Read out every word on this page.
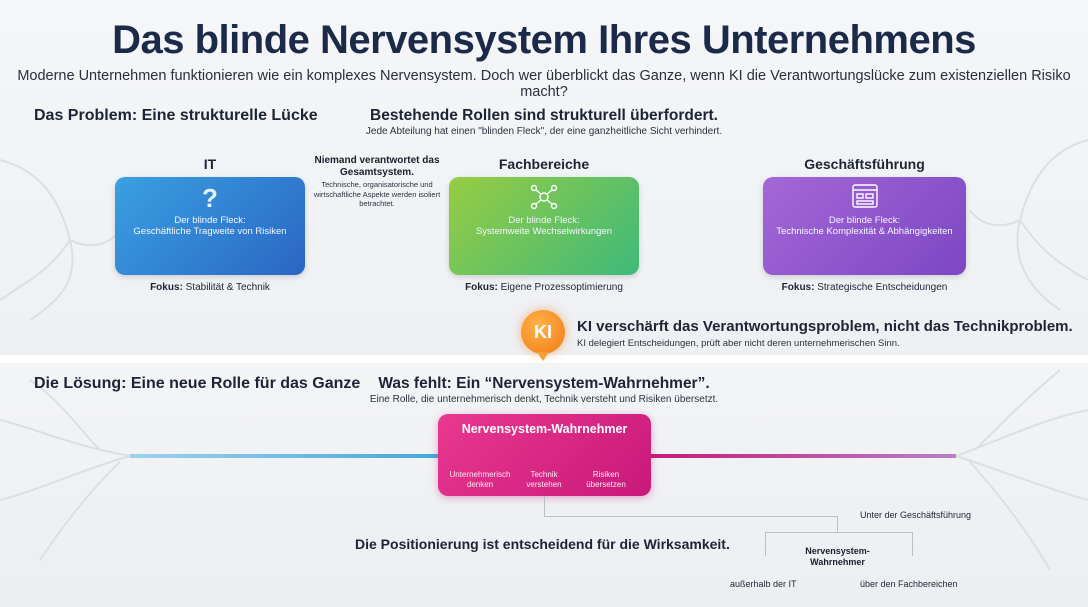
Das blinde Nervensystem Ihres Unternehmens
Moderne Unternehmen funktionieren wie ein komplexes Nervensystem. Doch wer überblickt das Ganze, wenn KI die Verantwortungslücke zum existenziellen Risiko macht?
Das Problem: Eine strukturelle Lücke	Bestehende Rollen sind strukturell überfordert.
Jede Abteilung hat einen "blinden Fleck", der eine ganzheitliche Sicht verhindert.
Niemand verantwortet das Gesamtsystem.
Technische, organisatorische und wirtschaftliche Aspekte werden isoliert betrachtet.
IT
?
Der blinde Fleck:
Geschäftliche Tragweite von Risiken
Fokus: Stabilität & Technik
Fachbereiche
Der blinde Fleck:
Systemweite Wechselwirkungen
Fokus: Eigene Prozessoptimierung
Geschäftsführung
Der blinde Fleck:
Technische Komplexität & Abhängigkeiten
Fokus: Strategische Entscheidungen
KI	KI verschärft das Verantwortungsproblem, nicht das Technikproblem.
KI delegiert Entscheidungen, prüft aber nicht deren unternehmerischen Sinn.
Die Lösung: Eine neue Rolle für das Ganze	Was fehlt: Ein “Nervensystem-Wahrnehmer”.
Eine Rolle, die unternehmerisch denkt, Technik versteht und Risiken übersetzt.
Nervensystem-Wahrnehmer
Unternehmerisch denken
Technik verstehen
Risiken übersetzen
Die Positionierung ist entscheidend für die Wirksamkeit.
Unter der Geschäftsführung
Nervensystem-Wahrnehmer
außerhalb der IT	über den Fachbereichen
